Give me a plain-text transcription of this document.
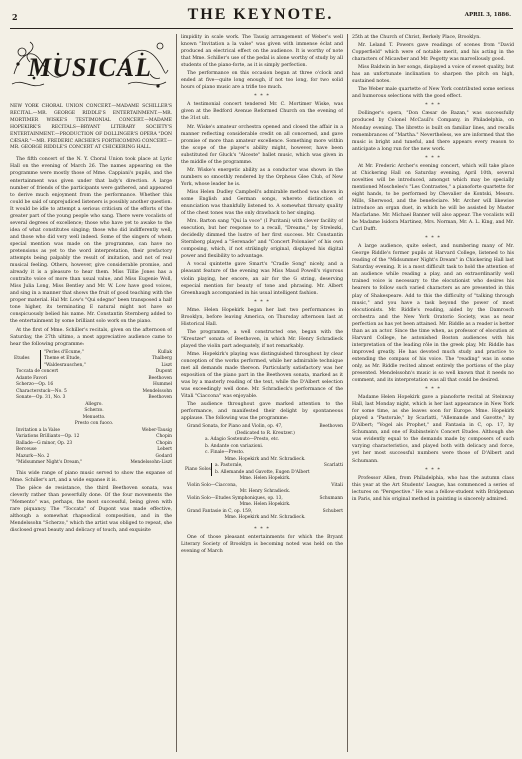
2	THE KEYNOTE.	APRIL 3, 1886.
MUSICAL
NEW YORK CHORAL UNION CONCERT.—MADAME SCHILLER'S RECITAL.—MR. GEORGE RIDDLE'S ENTERTAINMENT.—MR. MORTIMER WISKE'S TESTIMONIAL CONCERT.—MADAME HOPEKIRK'S RECITALS—BRYANT LITERARY SOCIETY'S ENTERTAINMENT.—PRODUCTION OF DOLLINGER'S OPERA "DON CÆSAR."—MR. FREDERIC ARCHER'S FORTHCOMING CONCERT.—MR. GEORGE RIDDLE'S CONCERT AT CHICKERING HALL.

The fifth concert of the N. Y. Choral Union took place at Lyric Hall on the evening of March 26. The names appearing on the programme were mostly those of Mme. Cappiani's pupils, and the entertainment was given under that lady's direction. A large number of friends of the participants were gathered, and appeared to derive much enjoyment from the performance. Whether this could be said of unprejudiced listeners is possibly another question. It would be idle to attempt a serious criticism of the efforts of the greater part of the young people who sang. There were vocalists of several degrees of excellence; those who have yet to awake to the idea of what constitutes singing; those who did indifferently well, and those who did very well indeed. Some of the singers of whom special mention was made on the programme, can have no pretensions as yet to the word interpretation, their prefactory attempts being palpably the result of imitation, and not of real musical feeling. Others, however, give considerable promise, and already it is a pleasure to hear them. Miss Tillie Jones has a contralto voice of more than usual value, and Miss Eugenie Woll, Miss Julia Long, Miss Bentley and Mr. W. Low have good voices, and sing in a manner that shows the fruit of good teaching with the proper material. Hal Mr. Low's "Qui sdegno" been transposed a half tone higher, its terminating E natural might not have so conspicuously belied his name. Mr. Constantin Sternberg added to the entertainment by some brilliant solo work on the piano.

At the first of Mme. Schiller's recitals, given on the afternoon of Saturday, the 27th ultimo, a most appreciative audience came to hear the following programme:

Etudes
"Perles d'Ecume,"	Kullak
Theme et Etude,	Thalberg
"Waldesrauschen,"	Liszt
Toccata de concert	Dupont
Adante Favori	Beethoven
Scherzo—Op. 16	Hummel
Characterstuck—No. 5	Mendelssohn
Sonate—Op. 31, No. 3	Beethoven
Allegro.
Scherzo.
Menuetto.
Presto con fuoco.
Invitation a la Valse	Weber-Tausig
Variations Brilliants—Op. 12	Chopin
Ballade—G minor, Op. 23	Chopin
Berceuse	Lebert
Mazurk—No. 2	Godard
"Midsummer Night's Dream,"	Mendelssohn-Liszt

This wide range of piano music served to show the expanse of Mme. Schiller's art, and a wide expanse it is.

The pièce de resistance, the third Beethoven sonata, was cleverly rather than powerfully done. Of the four movements the "Memento" was, perhaps, the most successful, being given with rare piquancy. The "Toccata" of Dupont was made effective, although a somewhat rhapsodical composition, and in the Mendelssohn "Scherzo," which the artist was obliged to repeat, she disclosed great beauty and delicacy of touch, and exquisite

limpidity in scale work. The Tausig arrangement of Weber's well known "Invitation a la valse" was given with immense éclat and produced an electrical effect on the audience. It is worthy of note that Mme. Schiller's use of the pedal is alone worthy of study by all students of the piano-forte, as it is simply perfection.

The performance on this occasion began at three o'clock and ended at five—quite long enough, if not too long, for two solid hours of piano music are a trifle too much.

* * *

A testimonial concert tendered Mr. C. Mortimer Wiske, was given at the Bedford Avenue Reformed Church on the evening of the 31st ult.

Mr. Wiske's amateur orchestra opened and closed the affair in a manner reflecting considerable credit on all concerned, and gave promise of more than amateur excellence. Something more within the scope of the player's ability might, however, have been substituted for Gluck's "Alceste" ballet music, which was given in the middle of the programme.

Mr. Wiske's energetic ability as a conductor was shown in the numbers so smoothly rendered by the Orpheus Glee Club, of New York, whose leader he is.

Miss Helen Dudley Campbell's admirable method was shown in some English and German songs, whereto distinction of enunciation was thankfully listened to. A somewhat throaty quality of the chest tones was the only drawback to her singing.

Mrs. Barton sang "Qui la voce" (I Puritani) with clever facility of execution, but her response to a recall, "Dreams," by Strelezki, decidedly dimmed the lustre of her first success. Mr. Constantin Sternberg played a "Serenade" and "Concert Polonaise" of his own composing, which, if not strikingly original, displayed his digital power and flexibility to advantage.

A vocal quintette gave Smart's "Cradle Song" nicely, and a pleasant feature of the evening was Miss Maud Powell's vigorous violin playing, her encore, an air for the G string, deserving especial mention for beauty of tone and phrasing. Mr. Albert Greenhaugh accompanied in his usual intelligent fashion.

* * *

Mme. Helen Hopekirk began her last two performances in Brooklyn, before leaving America, on Thursday afternoon last at Historical Hall.

The programme, a well constructed one, began with the "Kreutzer" sonata of Beethoven, in which Mr. Henry Schradieck played the violin part adequately, if not remarkably.

Mme. Hopekirk's playing was distinguished throughout by clear conception of the works performed, while her admirable technique met all demands made thereon. Particularly satisfactory was her exposition of the piano part in the Beethoven sonata, marked as it was by a masterly reading of the text, while the D'Albert selection was exceedingly well done. Mr. Schradieck's performance of the Vitali "Ciaccona" was enjoyable.

The audience throughout gave marked attention to the performance, and manifested their delight by spontaneous applause. The following was the programme:

Grand Sonata, for Piano and Violin, op. 47,	Beethoven
(Dedicated to R. Kreutzer.)
a. Adagio Sostenuto—Presto, etc.
b. Andante con variazioni.
c. Finale—Presto.
Mme. Hopekirk and Mr. Schradieck.
Piano Solos
a. Pastorale,	Scarlatti
b. Allemande and Gavotte, Eugen D'Albert
Mme. Helen Hopekirk.
Violin Solo—Ciaccona,	Vitali
Mr. Henry Schradieck.
Violin Solo—Etudes Symphoniques, op. 13,	Schumann
Mme. Helen Hopekirk.
Grand Fantasie in C, op. 159,	Schubert
Mme. Hopekirk and Mr. Schradieck.
* * *

One of those pleasant entertainments for which the Bryant Literary Society of Brooklyn is becoming noted was held on the evening of March

25th at the Church of Christ, Berkely Place, Brooklyn.

Mr. Leland T. Powers gave readings of scenes from "David Copperfield" which were of notable merit, and his acting in the characters of Micawber and Mr. Pegotty was marvellously good.

Miss Baldwin in her songs, displayed a voice of sweet quality, but has an unfortunate inclination to sharpen the pitch on high, sustained notes.

The Weber male quartette of New York contributed some serious and humorous selections with the good effect.

* * *

Dollinger's opera, "Don Cæsar de Bazan," was successfully produced by Colonel McCaull's Company, in Philadelphia, on Monday evening. The libretto is built on familiar lines, and recalls remembrances of "Martha." Nevertheless, we are informed that the music is bright and tuneful, and there appears every reason to anticipate a long run for the new work.

* * *

At Mr. Frederic Archer's evening concert, which will take place at Chickering Hall on Saturday evening, April 10th, several novelties will be introduced, amongst which may be specially mentioned Moscheles's "Les Contrastes," a pianoforte quartette for eight hands, to be performed by Chevalier de Kontski, Messrs. Mills, Sherwood, and the benefeciare. Mr. Archer will likewise introduce an organ duet, in which he will be assisted by Master Macfarlane. Mr. Michael Banner will also appear. The vocalists will be Madame Isidora Martinez, Mrs. Norman, Mr. A. L. King, and Mr. Carl Dufft.

* * *

A large audience, quite select, and numbering many of Mr. George Riddle's former pupils at Harvard College, listened to his reading of the "Midsummer Night's Dream" in Chickering Hall last Saturday evening. It is a most difficult task to hold the attention of an audience while reading a play, and an extraordinarily well trained voice is necessary to the elocutionist who desires his hearers to follow such varied characters as are presented in this play of Shakespeare. Add to this the difficulty of "talking through music," and you have a task beyond the power of most elocutionists. Mr. Riddle's reading, aided by the Damrosch orchestra and the New York Oratorio Society, was as near perfection as has yet been attained. Mr. Riddle as a reader is better than as an actor. Since the time when, as professor of elocution at Harvard College, he astonished Boston audiences with his interpretation of the leading rôle in the greek play, Mr. Riddle has improved greatly. He has devoted much study and practice to extending the compass of his voice. The "reading" was in some only, as Mr. Riddle recited almost entirely the portions of the play presented. Mendelssohn's music is so well known that it needs no comment, and its interpretation was all that could be desired.

* * *

Madame Helen Hopekirk gave a pianoforte recital at Steinway Hall, last Monday night, which is her last appearance in New York for some time, as she leaves soon for Europe. Mme. Hopekirk played a "Pastorale," by Scarlatti, "Allemande and Gavotte," by D'Albert; "Vogel als Prophet," and Fantasia in C, op. 17, by Schumann, and one of Rubinstein's Concert Etudes. Although she was evidently equal to the demands made by composers of such varying characteristics, and played both with delicacy and force, yet her most successful numbers were those of D'Albert and Schumann.

* * *

Professor Allen, from Philadelphia, who has the autumn class this year at the Art Students' League, has commenced a series of lectures on "Perspective." He was a fellow-student with Bridgeman in Paris, and his original method in painting is sincerely admired.
